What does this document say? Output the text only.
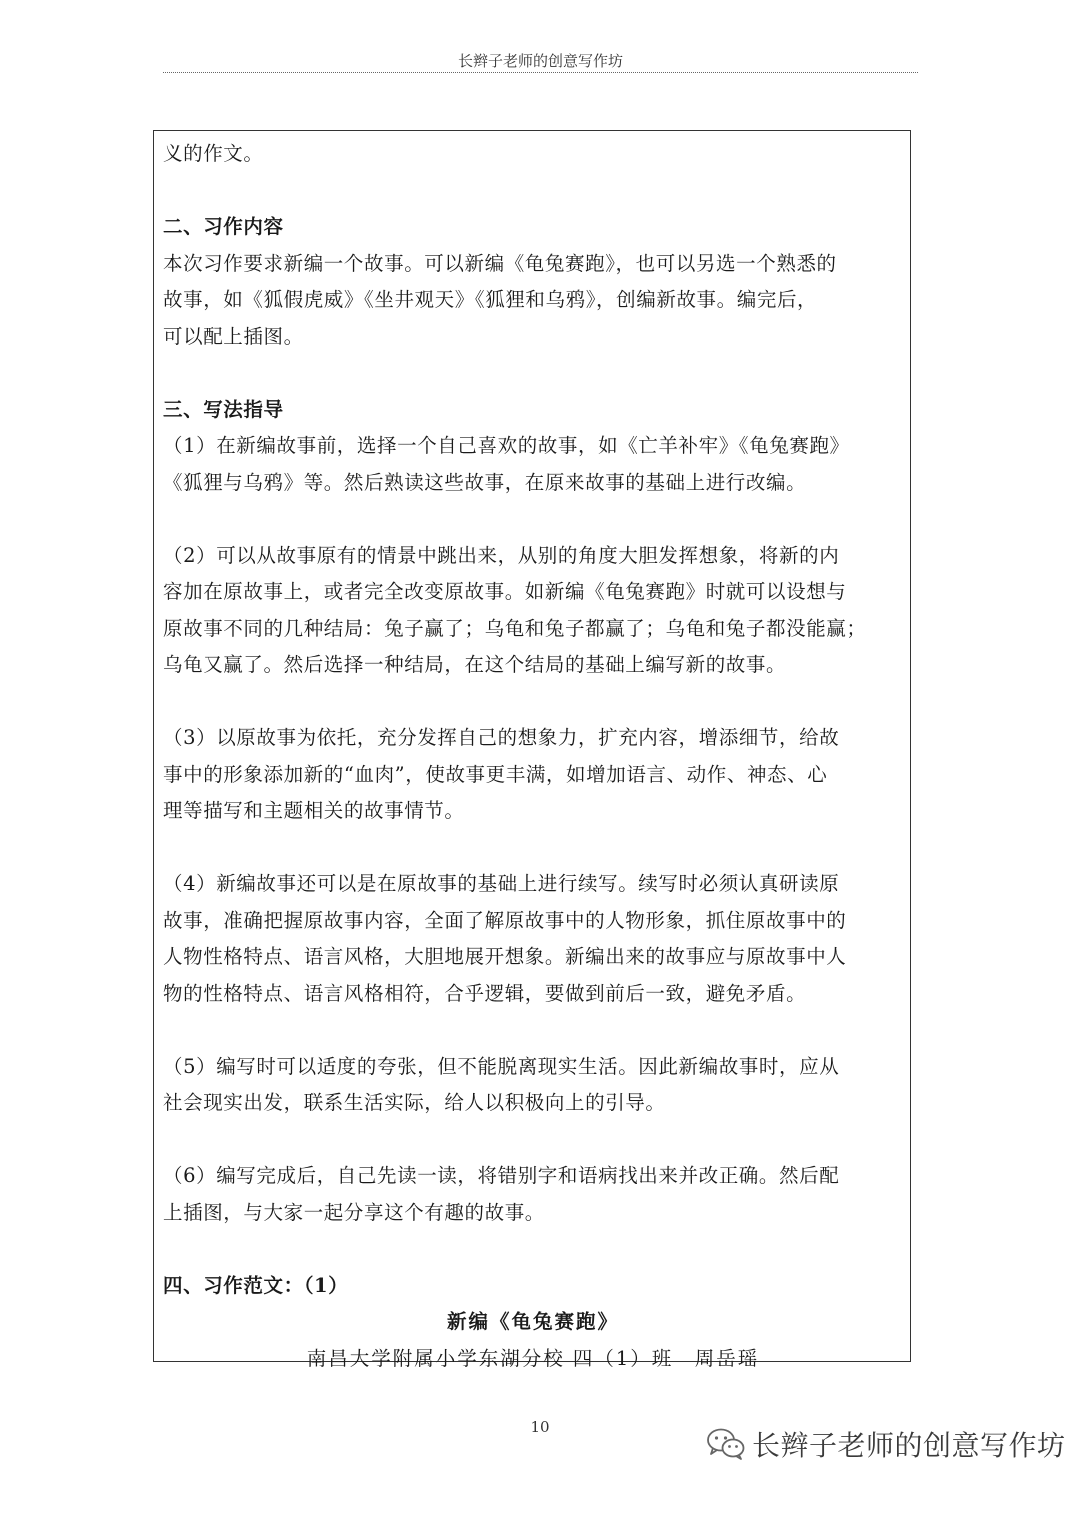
长辫子老师的创意写作坊

义的作文。

二、习作内容

本次习作要求新编一个故事。可以新编《龟兔赛跑》，也可以另选一个熟悉的

故事，如《狐假虎威》《坐井观天》《狐狸和乌鸦》，创编新故事。编完后，

可以配上插图。

三、写法指导

（1）在新编故事前，选择一个自己喜欢的故事，如《亡羊补牢》《龟兔赛跑》

《狐狸与乌鸦》等。然后熟读这些故事，在原来故事的基础上进行改编。

（2）可以从故事原有的情景中跳出来，从别的角度大胆发挥想象，将新的内

容加在原故事上，或者完全改变原故事。如新编《龟兔赛跑》时就可以设想与

原故事不同的几种结局：兔子赢了；乌龟和兔子都赢了；乌龟和兔子都没能赢；

乌龟又赢了。然后选择一种结局，在这个结局的基础上编写新的故事。

（3）以原故事为依托，充分发挥自己的想象力，扩充内容，增添细节，给故

事中的形象添加新的“血肉”，使故事更丰满，如增加语言、动作、神态、心

理等描写和主题相关的故事情节。

（4）新编故事还可以是在原故事的基础上进行续写。续写时必须认真研读原

故事，准确把握原故事内容，全面了解原故事中的人物形象，抓住原故事中的

人物性格特点、语言风格，大胆地展开想象。新编出来的故事应与原故事中人

物的性格特点、语言风格相符，合乎逻辑，要做到前后一致，避免矛盾。

（5）编写时可以适度的夸张，但不能脱离现实生活。因此新编故事时，应从

社会现实出发，联系生活实际，给人以积极向上的引导。

（6）编写完成后，自己先读一读，将错别字和语病找出来并改正确。然后配

上插图，与大家一起分享这个有趣的故事。

四、习作范文：（1）

新编《龟兔赛跑》

南昌大学附属小学东湖分校 四（1）班　周岳瑶

10
长辫子老师的创意写作坊
